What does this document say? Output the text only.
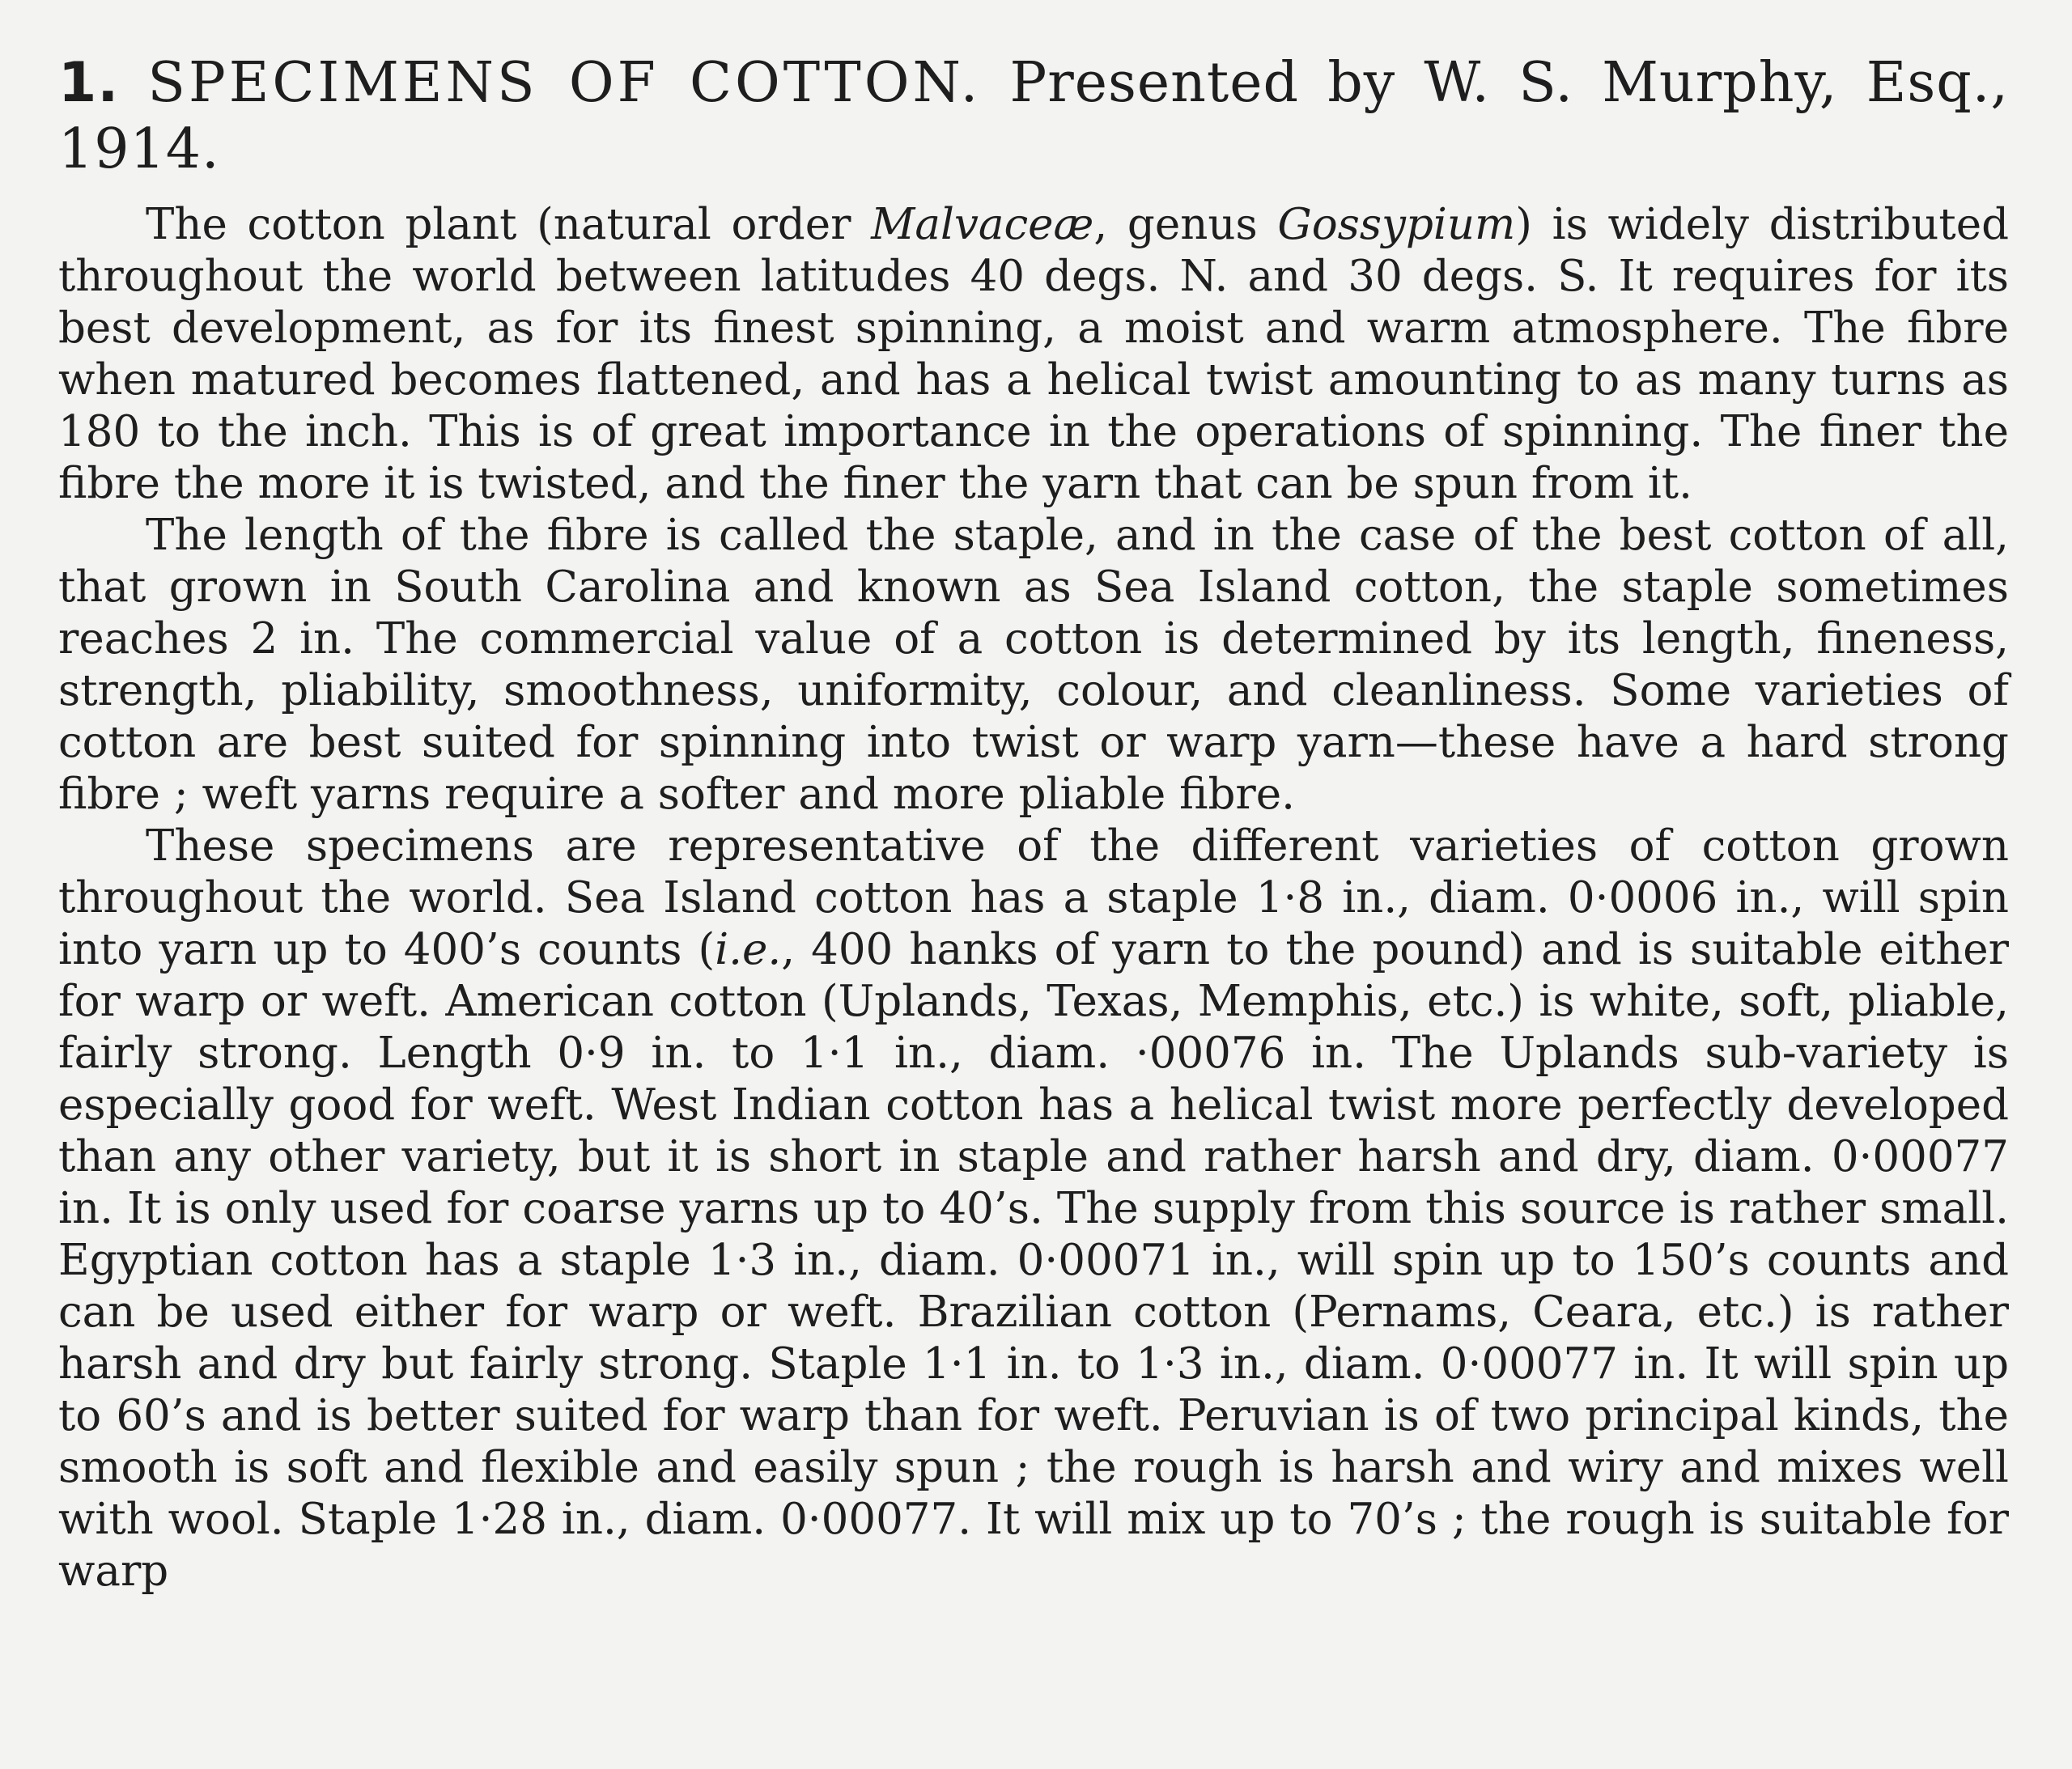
1. SPECIMENS OF COTTON. Presented by W. S. Murphy, Esq., 1914.

The cotton plant (natural order Malvaceæ, genus Gossypium) is widely distributed throughout the world between latitudes 40 degs. N. and 30 degs. S. It requires for its best development, as for its finest spinning, a moist and warm atmosphere. The fibre when matured becomes flattened, and has a helical twist amounting to as many turns as 180 to the inch. This is of great importance in the operations of spinning. The finer the fibre the more it is twisted, and the finer the yarn that can be spun from it.

The length of the fibre is called the staple, and in the case of the best cotton of all, that grown in South Carolina and known as Sea Island cotton, the staple sometimes reaches 2 in. The commercial value of a cotton is determined by its length, fineness, strength, pliability, smoothness, uniformity, colour, and cleanliness. Some varieties of cotton are best suited for spinning into twist or warp yarn—these have a hard strong fibre ; weft yarns require a softer and more pliable fibre.

These specimens are representative of the different varieties of cotton grown throughout the world. Sea Island cotton has a staple 1·8 in., diam. 0·0006 in., will spin into yarn up to 400’s counts (i.e., 400 hanks of yarn to the pound) and is suitable either for warp or weft. American cotton (Uplands, Texas, Memphis, etc.) is white, soft, pliable, fairly strong. Length 0·9 in. to 1·1 in., diam. ·00076 in. The Uplands sub-variety is especially good for weft. West Indian cotton has a helical twist more perfectly developed than any other variety, but it is short in staple and rather harsh and dry, diam. 0·00077 in. It is only used for coarse yarns up to 40’s. The supply from this source is rather small. Egyptian cotton has a staple 1·3 in., diam. 0·00071 in., will spin up to 150’s counts and can be used either for warp or weft. Brazilian cotton (Pernams, Ceara, etc.) is rather harsh and dry but fairly strong. Staple 1·1 in. to 1·3 in., diam. 0·00077 in. It will spin up to 60’s and is better suited for warp than for weft. Peruvian is of two principal kinds, the smooth is soft and flexible and easily spun ; the rough is harsh and wiry and mixes well with wool. Staple 1·28 in., diam. 0·00077. It will mix up to 70’s ; the rough is suitable for warp
